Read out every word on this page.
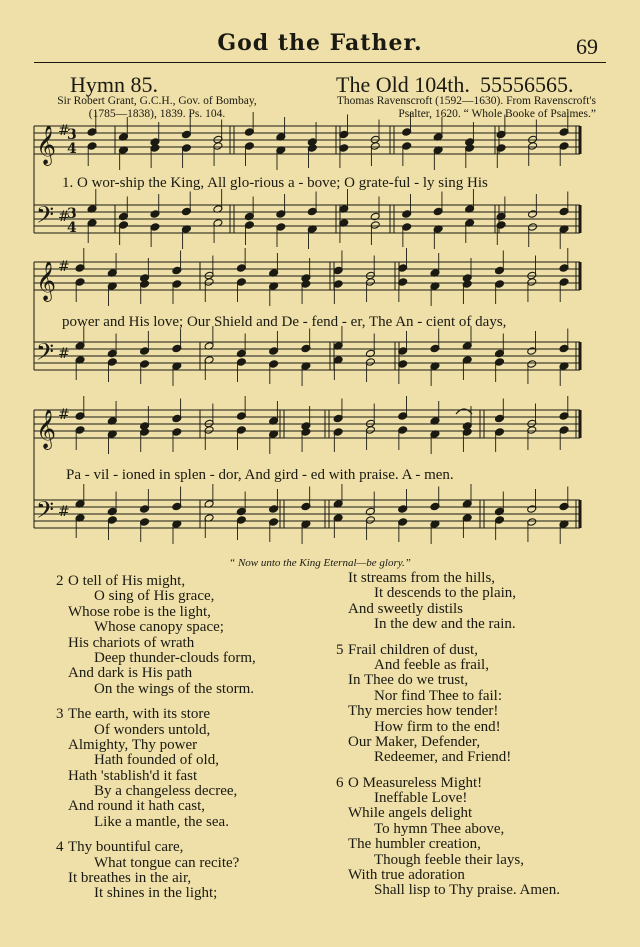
God the Father.	69
Hymn 85.	The Old 104th. 55556565.
Sir Robert Grant, G.C.H., Gov. of Bombay,
(1785—1838), 1839. Ps. 104.
Thomas Ravenscroft (1592—1630). From Ravenscroft's
Psalter, 1620. “ Whole Booke of Psalmes.”
𝄞
𝄢
#
#
3
4
3
4
𝄞
𝄢
#
#
𝄞
𝄢
#
#
1. O wor-ship the King, All glo-rious a - bove; O grate-ful - ly sing His
power and His love; Our Shield and De - fend - er, The An - cient of days,
Pa - vil - ioned in splen - dor, And gird - ed with praise. A - men.
“ Now unto the King Eternal—be glory.”
2 O tell of His might,
O sing of His grace,
Whose robe is the light,
Whose canopy space;
His chariots of wrath
Deep thunder-clouds form,
And dark is His path
On the wings of the storm.
3 The earth, with its store
Of wonders untold,
Almighty, Thy power
Hath founded of old,
Hath 'stablish'd it fast
By a changeless decree,
And round it hath cast,
Like a mantle, the sea.
4 Thy bountiful care,
What tongue can recite?
It breathes in the air,
It shines in the light;
It streams from the hills,
It descends to the plain,
And sweetly distils
In the dew and the rain.
5 Frail children of dust,
And feeble as frail,
In Thee do we trust,
Nor find Thee to fail:
Thy mercies how tender!
How firm to the end!
Our Maker, Defender,
Redeemer, and Friend!
6 O Measureless Might!
Ineffable Love!
While angels delight
To hymn Thee above,
The humbler creation,
Though feeble their lays,
With true adoration
Shall lisp to Thy praise. Amen.
